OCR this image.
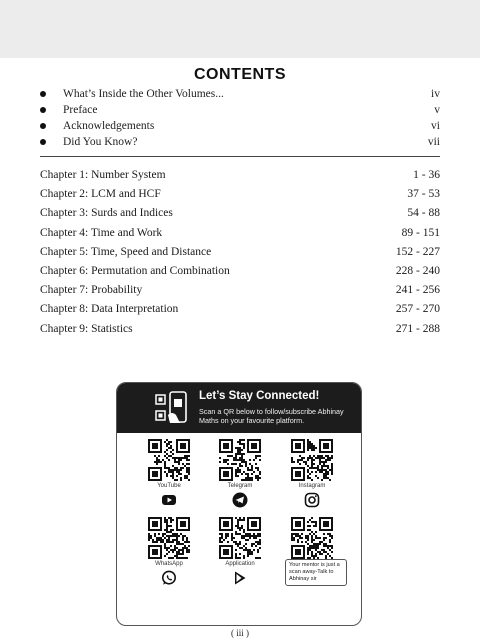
CONTENTS
What’s Inside the Other Volumes...	iv
Preface	v
Acknowledgements	vi
Did You Know?	vii
Chapter 1: Number System	1 - 36
Chapter 2: LCM and HCF	37 - 53
Chapter 3: Surds and Indices	54 - 88
Chapter 4: Time and Work	89 - 151
Chapter 5: Time, Speed and Distance	152 - 227
Chapter 6: Permutation and Combination	228 - 240
Chapter 7: Probability	241 - 256
Chapter 8: Data Interpretation	257 - 270
Chapter 9: Statistics	271 - 288
Let’s Stay Connected!
Scan a QR below to follow/subscribe Abhinay Maths on your favourite platform.
YouTube	Telegram	Instagram
WhatsApp	Application	Your mentor is just a scan away-Talk to Abhinay sir
( iii )
